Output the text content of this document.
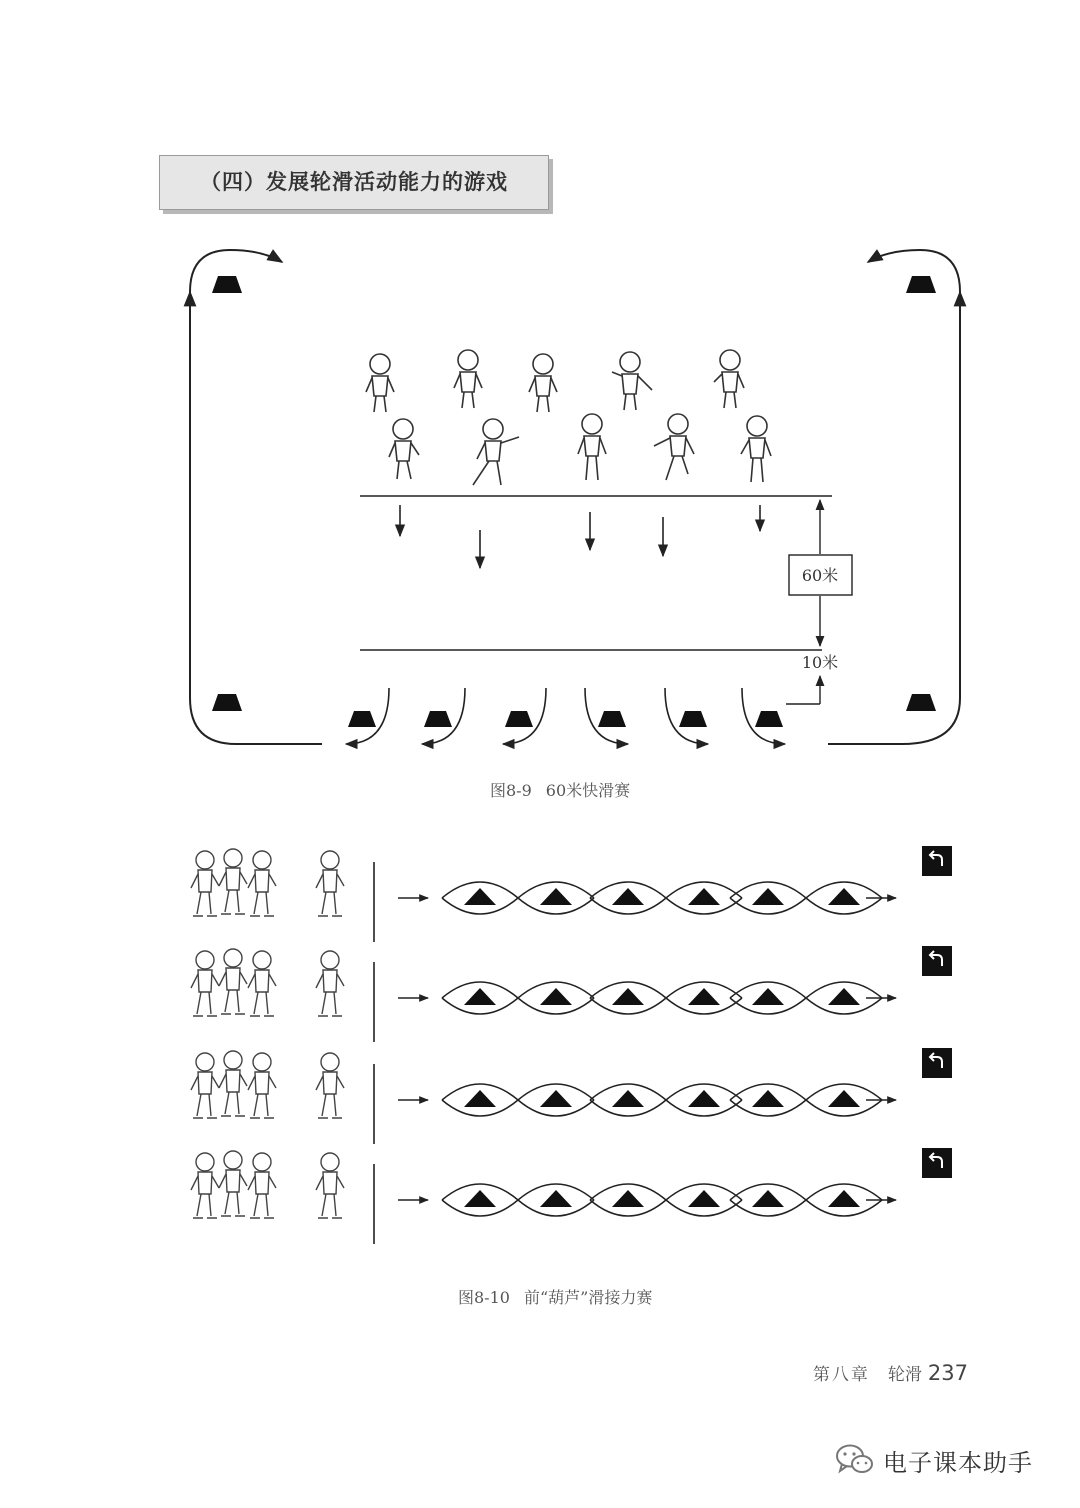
（四）发展轮滑活动能力的游戏
60米
10米
图8-9 60米快滑赛
图8-10 前“葫芦”滑接力赛
第八章 轮滑 237
电子课本助手
